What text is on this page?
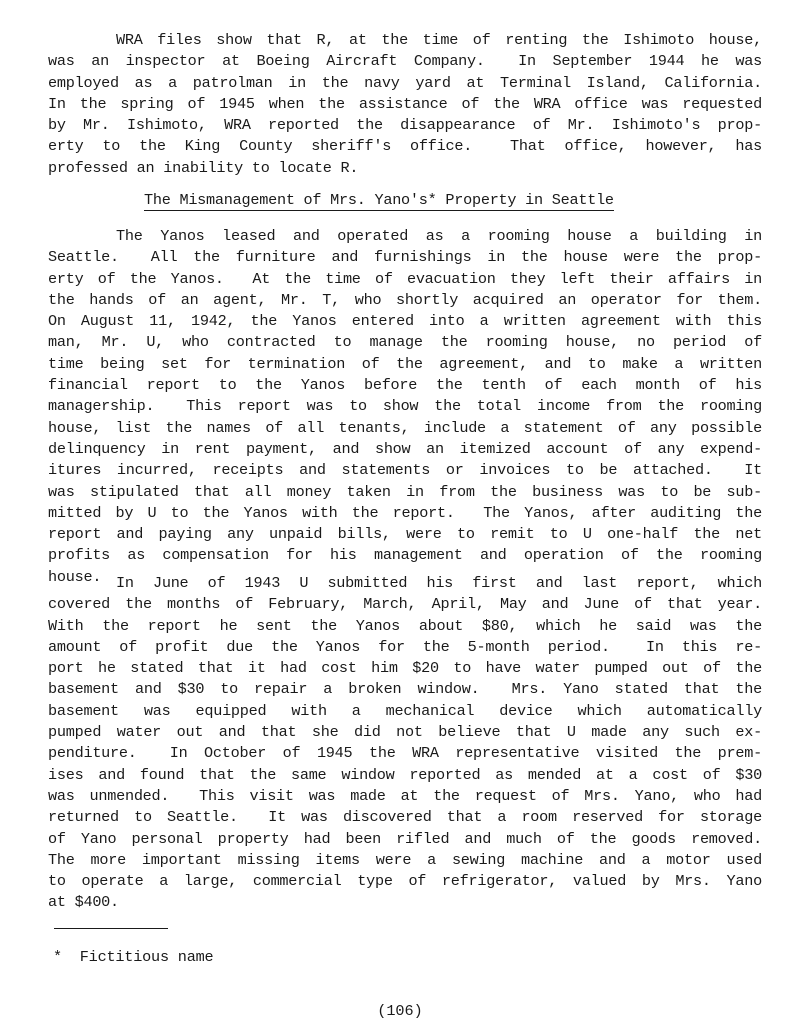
WRA files show that R, at the time of renting the Ishimoto house,
was an inspector at Boeing Aircraft Company.  In September 1944 he was
employed as a patrolman in the navy yard at Terminal Island, California.
In the spring of 1945 when the assistance of the WRA office was requested
by Mr. Ishimoto, WRA reported the disappearance of Mr. Ishimoto's prop-
erty to the King County sheriff's office.  That office, however, has
professed an inability to locate R.
The Mismanagement of Mrs. Yano's* Property in Seattle
The Yanos leased and operated as a rooming house a building in
Seattle.  All the furniture and furnishings in the house were the prop-
erty of the Yanos.  At the time of evacuation they left their affairs in
the hands of an agent, Mr. T, who shortly acquired an operator for them.
On August 11, 1942, the Yanos entered into a written agreement with this
man, Mr. U, who contracted to manage the rooming house, no period of
time being set for termination of the agreement, and to make a written
financial report to the Yanos before the tenth of each month of his
managership.  This report was to show the total income from the rooming
house, list the names of all tenants, include a statement of any possible
delinquency in rent payment, and show an itemized account of any expend-
itures incurred, receipts and statements or invoices to be attached.  It
was stipulated that all money taken in from the business was to be sub-
mitted by U to the Yanos with the report.  The Yanos, after auditing the
report and paying any unpaid bills, were to remit to U one-half the net
profits as compensation for his management and operation of the rooming
house. In June of 1943 U submitted his first and last report, which
covered the months of February, March, April, May and June of that year.
With the report he sent the Yanos about $80, which he said was the
amount of profit due the Yanos for the 5-month period.  In this re-
port he stated that it had cost him $20 to have water pumped out of the
basement and $30 to repair a broken window.  Mrs. Yano stated that the
basement was equipped with a mechanical device which automatically
pumped water out and that she did not believe that U made any such ex-
penditure.  In October of 1945 the WRA representative visited the prem-
ises and found that the same window reported as mended at a cost of $30
was unmended.  This visit was made at the request of Mrs. Yano, who had
returned to Seattle.  It was discovered that a room reserved for storage
of Yano personal property had been rifled and much of the goods removed.
The more important missing items were a sewing machine and a motor used
to operate a large, commercial type of refrigerator, valued by Mrs. Yano
at $400.
*  Fictitious name
(106)
